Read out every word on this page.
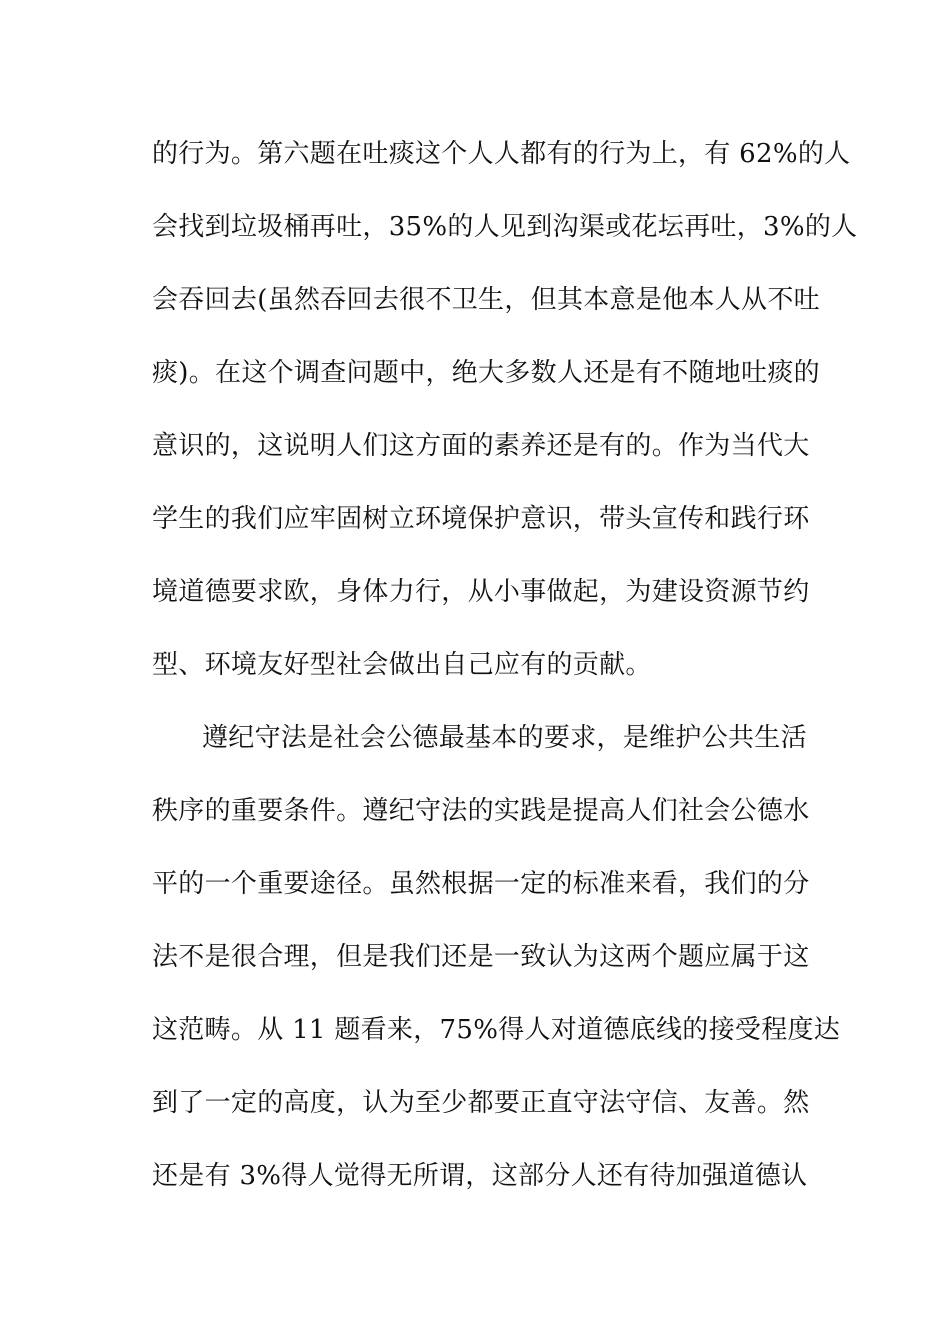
的行为。第六题在吐痰这个人人都有的行为上，有 62%的人

会找到垃圾桶再吐，35%的人见到沟渠或花坛再吐，3%的人

会吞回去(虽然吞回去很不卫生，但其本意是他本人从不吐

痰)。在这个调查问题中，绝大多数人还是有不随地吐痰的

意识的，这说明人们这方面的素养还是有的。作为当代大

学生的我们应牢固树立环境保护意识，带头宣传和践行环

境道德要求欧，身体力行，从小事做起，为建设资源节约

型、环境友好型社会做出自己应有的贡献。

遵纪守法是社会公德最基本的要求，是维护公共生活

秩序的重要条件。遵纪守法的实践是提高人们社会公德水

平的一个重要途径。虽然根据一定的标准来看，我们的分

法不是很合理，但是我们还是一致认为这两个题应属于这

这范畴。从 11 题看来，75%得人对道德底线的接受程度达

到了一定的高度，认为至少都要正直守法守信、友善。然

还是有 3%得人觉得无所谓，这部分人还有待加强道德认
